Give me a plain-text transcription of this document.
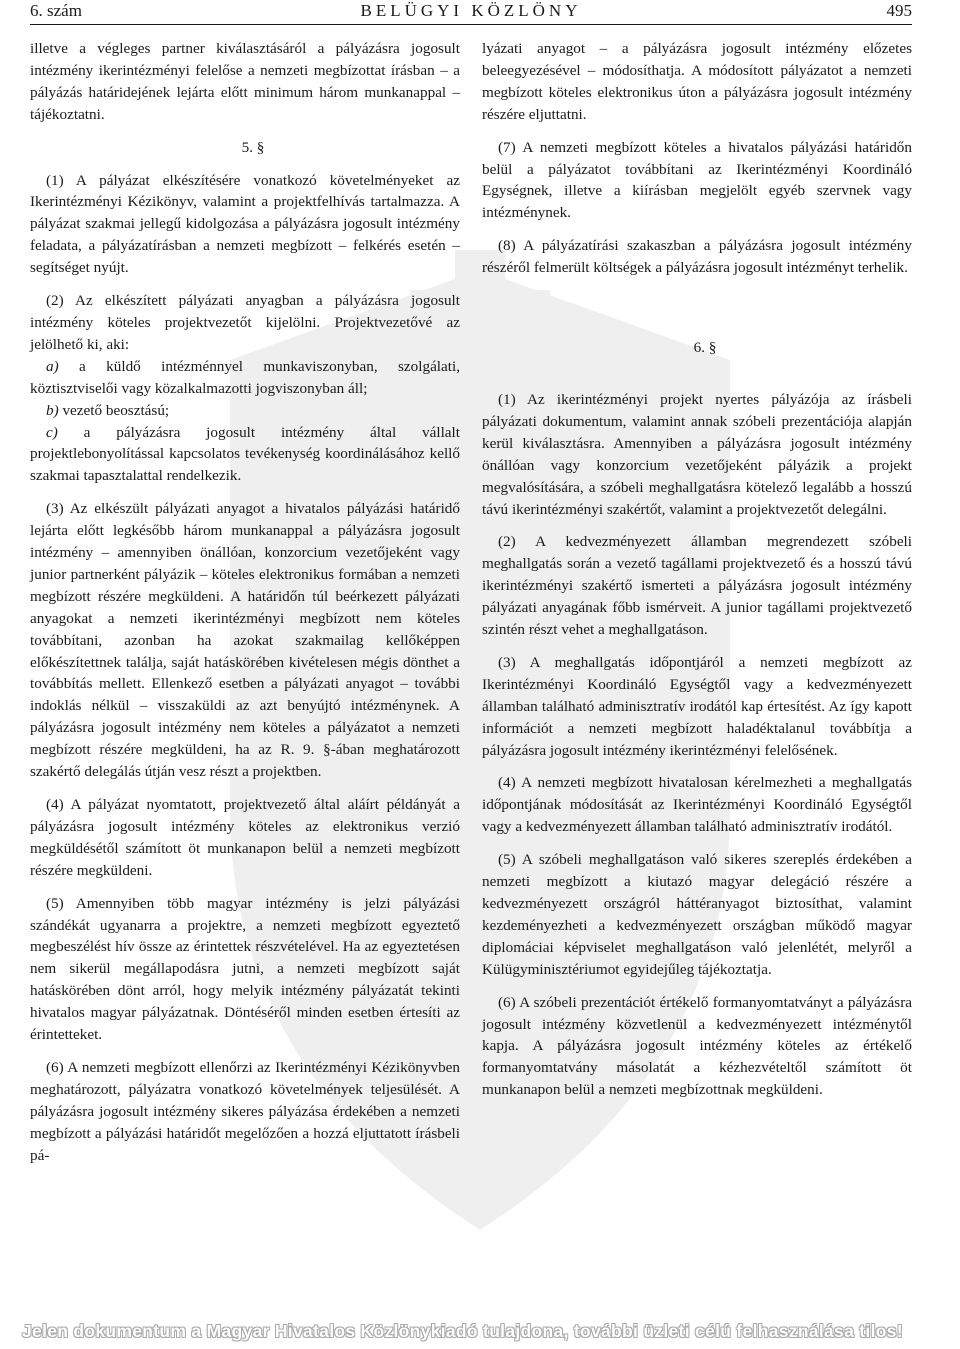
6. szám	BELÜGYI KÖZLÖNY	495

illetve a végleges partner kiválasztásáról a pályázásra jogosult intézmény ikerintézményi felelőse a nemzeti megbízottat írásban – a pályázás határidejének lejárta előtt minimum három munkanappal – tájékoztatni.

5. §

(1) A pályázat elkészítésére vonatkozó követelményeket az Ikerintézményi Kézikönyv, valamint a projektfelhívás tartalmazza. A pályázat szakmai jellegű kidolgozása a pályázásra jogosult intézmény feladata, a pályázatírásban a nemzeti megbízott – felkérés esetén – segítséget nyújt.

(2) Az elkészített pályázati anyagban a pályázásra jogosult intézmény köteles projektvezetőt kijelölni. Projektvezetővé az jelölhető ki, aki:

a) a küldő intézménnyel munkaviszonyban, szolgálati, köztisztviselői vagy közalkalmazotti jogviszonyban áll;

b) vezető beosztású;

c) a pályázásra jogosult intézmény által vállalt projektlebonyolítással kapcsolatos tevékenység koordinálásához kellő szakmai tapasztalattal rendelkezik.

(3) Az elkészült pályázati anyagot a hivatalos pályázási határidő lejárta előtt legkésőbb három munkanappal a pályázásra jogosult intézmény – amennyiben önállóan, konzorcium vezetőjeként vagy junior partnerként pályázik – köteles elektronikus formában a nemzeti megbízott részére megküldeni. A határidőn túl beérkezett pályázati anyagokat a nemzeti ikerintézményi megbízott nem köteles továbbítani, azonban ha azokat szakmailag kellőképpen előkészítettnek találja, saját hatáskörében kivételesen mégis dönthet a továbbítás mellett. Ellenkező esetben a pályázati anyagot – további indoklás nélkül – visszaküldi az azt benyújtó intézménynek. A pályázásra jogosult intézmény nem köteles a pályázatot a nemzeti megbízott részére megküldeni, ha az R. 9. §-ában meghatározott szakértő delegálás útján vesz részt a projektben.

(4) A pályázat nyomtatott, projektvezető által aláírt példányát a pályázásra jogosult intézmény köteles az elektronikus verzió megküldésétől számított öt munkanapon belül a nemzeti megbízott részére megküldeni.

(5) Amennyiben több magyar intézmény is jelzi pályázási szándékát ugyanarra a projektre, a nemzeti megbízott egyeztető megbeszélést hív össze az érintettek részvételével. Ha az egyeztetésen nem sikerül megállapodásra jutni, a nemzeti megbízott saját hatáskörében dönt arról, hogy melyik intézmény pályázatát tekinti hivatalos magyar pályázatnak. Döntéséről minden esetben értesíti az érintetteket.

(6) A nemzeti megbízott ellenőrzi az Ikerintézményi Kézikönyvben meghatározott, pályázatra vonatkozó követelmények teljesülését. A pályázásra jogosult intézmény sikeres pályázása érdekében a nemzeti megbízott a pályázási határidőt megelőzően a hozzá eljuttatott írásbeli pá-

lyázati anyagot – a pályázásra jogosult intézmény előzetes beleegyezésével – módosíthatja. A módosított pályázatot a nemzeti megbízott köteles elektronikus úton a pályázásra jogosult intézmény részére eljuttatni.

(7) A nemzeti megbízott köteles a hivatalos pályázási határidőn belül a pályázatot továbbítani az Ikerintézményi Koordináló Egységnek, illetve a kiírásban megjelölt egyéb szervnek vagy intézménynek.

(8) A pályázatírási szakaszban a pályázásra jogosult intézmény részéről felmerült költségek a pályázásra jogosult intézményt terhelik.

6. §

(1) Az ikerintézményi projekt nyertes pályázója az írásbeli pályázati dokumentum, valamint annak szóbeli prezentációja alapján kerül kiválasztásra. Amennyiben a pályázásra jogosult intézmény önállóan vagy konzorcium vezetőjeként pályázik a projekt megvalósítására, a szóbeli meghallgatásra kötelező legalább a hosszú távú ikerintézményi szakértőt, valamint a projektvezetőt delegálni.

(2) A kedvezményezett államban megrendezett szóbeli meghallgatás során a vezető tagállami projektvezető és a hosszú távú ikerintézményi szakértő ismerteti a pályázásra jogosult intézmény pályázati anyagának főbb ismérveit. A junior tagállami projektvezető szintén részt vehet a meghallgatáson.

(3) A meghallgatás időpontjáról a nemzeti megbízott az Ikerintézményi Koordináló Egységtől vagy a kedvezményezett államban található adminisztratív irodától kap értesítést. Az így kapott információt a nemzeti megbízott haladéktalanul továbbítja a pályázásra jogosult intézmény ikerintézményi felelősének.

(4) A nemzeti megbízott hivatalosan kérelmezheti a meghallgatás időpontjának módosítását az Ikerintézményi Koordináló Egységtől vagy a kedvezményezett államban található adminisztratív irodától.

(5) A szóbeli meghallgatáson való sikeres szereplés érdekében a nemzeti megbízott a kiutazó magyar delegáció részére a kedvezményezett országról háttéranyagot biztosíthat, valamint kezdeményezheti a kedvezményezett országban működő magyar diplomáciai képviselet meghallgatáson való jelenlétét, melyről a Külügyminisztériumot egyidejűleg tájékoztatja.

(6) A szóbeli prezentációt értékelő formanyomtatványt a pályázásra jogosult intézmény közvetlenül a kedvezményezett intézménytől kapja. A pályázásra jogosult intézmény köteles az értékelő formanyomtatvány másolatát a kézhezvételtől számított öt munkanapon belül a nemzeti megbízottnak megküldeni.

Jelen dokumentum a Magyar Hivatalos Közlönykiadó tulajdona, további üzleti célú felhasználása tilos!
